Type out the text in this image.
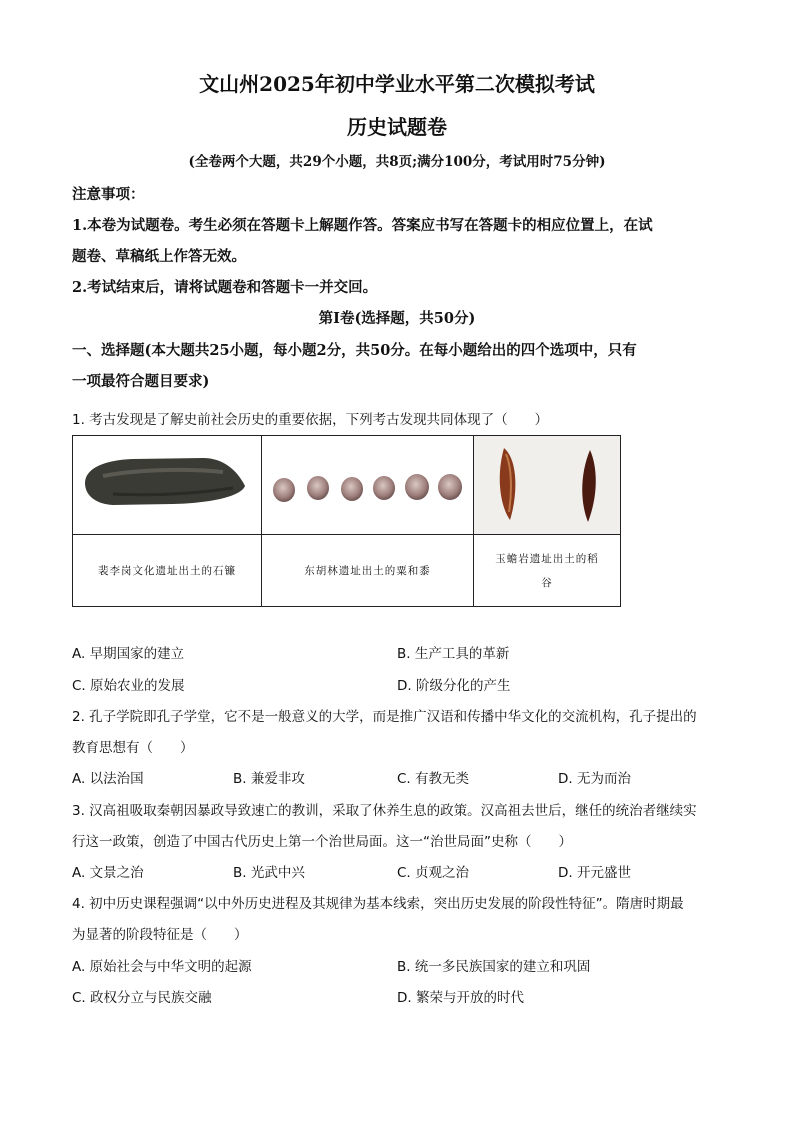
文山州2025年初中学业水平第二次模拟考试
历史试题卷
(全卷两个大题，共29个小题，共8页;满分100分，考试用时75分钟)
注意事项：
1.本卷为试题卷。考生必须在答题卡上解题作答。答案应书写在答题卡的相应位置上，在试
题卷、草稿纸上作答无效。
2.考试结束后，请将试题卷和答题卡一并交回。
第Ⅰ卷(选择题，共50分)
一、选择题(本大题共25小题，每小题2分，共50分。在每小题给出的四个选项中，只有
一项最符合题目要求)
1. 考古发现是了解史前社会历史的重要依据，下列考古发现共同体现了（　　）

裴李岗文化遗址出土的石镰	东胡林遗址出土的粟和黍	玉蟾岩遗址出土的稻
谷
A. 早期国家的建立	B. 生产工具的革新
C. 原始农业的发展	D. 阶级分化的产生
2. 孔子学院即孔子学堂，它不是一般意义的大学，而是推广汉语和传播中华文化的交流机构，孔子提出的
教育思想有（　　）
A. 以法治国	B. 兼爱非攻	C. 有教无类	D. 无为而治
3. 汉高祖吸取秦朝因暴政导致速亡的教训，采取了休养生息的政策。汉高祖去世后，继任的统治者继续实
行这一政策，创造了中国古代历史上第一个治世局面。这一“治世局面”史称（　　）
A. 文景之治	B. 光武中兴	C. 贞观之治	D. 开元盛世
4. 初中历史课程强调“以中外历史进程及其规律为基本线索，突出历史发展的阶段性特征”。隋唐时期最
为显著的阶段特征是（　　）
A. 原始社会与中华文明的起源	B. 统一多民族国家的建立和巩固
C. 政权分立与民族交融	D. 繁荣与开放的时代
